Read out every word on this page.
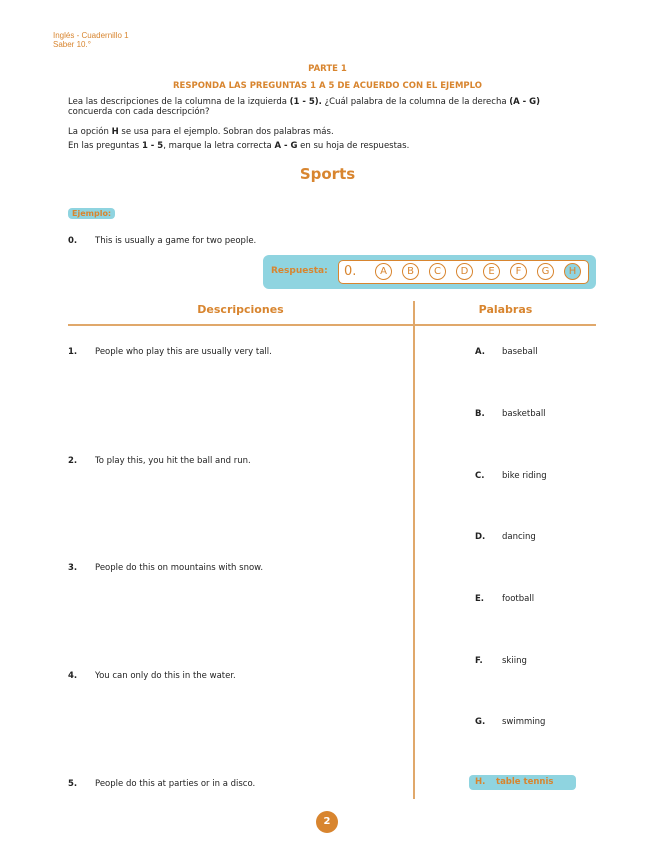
Inglés - Cuadernillo 1
Saber 10.°
PARTE 1
RESPONDA LAS PREGUNTAS 1 A 5 DE ACUERDO CON EL EJEMPLO
Lea las descripciones de la columna de la izquierda (1 - 5). ¿Cuál palabra de la columna de la derecha (A - G)
concuerda con cada descripción?
La opción H se usa para el ejemplo. Sobran dos palabras más.
En las preguntas 1 - 5, marque la letra correcta A - G en su hoja de respuestas.
Sports
Ejemplo:
0. This is usually a game for two people.
Respuesta: 0.	A	B	C	D	E	F	G	H
Descripciones	Palabras
1. People who play this are usually very tall.
2. To play this, you hit the ball and run.
3. People do this on mountains with snow.
4. You can only do this in the water.
5. People do this at parties or in a disco.
A. baseball
B. basketball
C. bike riding
D. dancing
E. football
F. skiing
G. swimming
H. table tennis
2
